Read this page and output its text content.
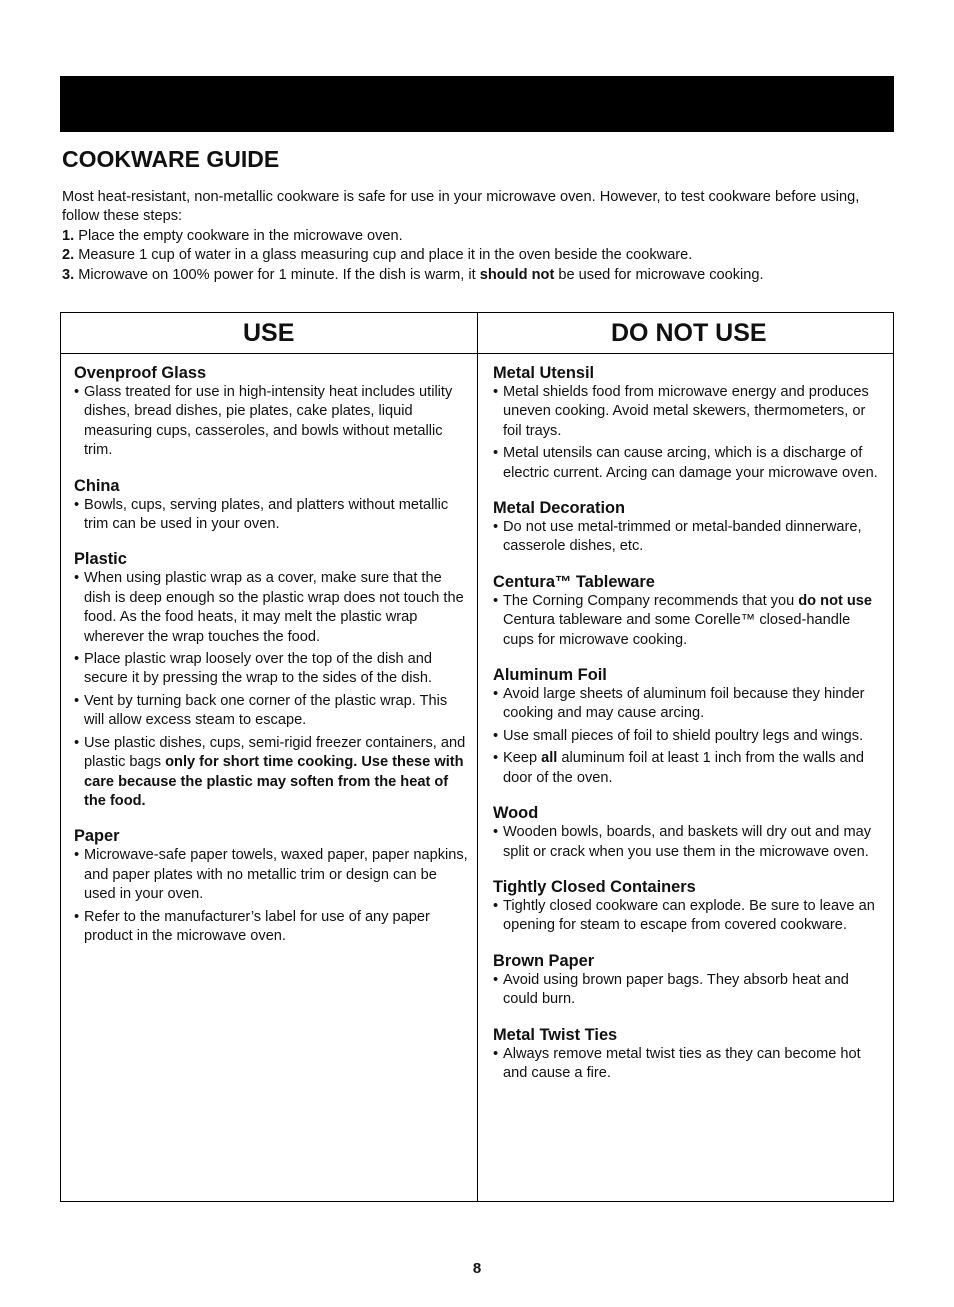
COOKWARE GUIDE

Most heat-resistant, non-metallic cookware is safe for use in your microwave oven. However, to test cookware before using, follow these steps:

1. Place the empty cookware in the microwave oven.

2. Measure 1 cup of water in a glass measuring cup and place it in the oven beside the cookware.

3. Microwave on 100% power for 1 minute. If the dish is warm, it should not be used for microwave cooking.

USE	DO NOT USE
Ovenproof Glass
• Glass treated for use in high-intensity heat includes utility dishes, bread dishes, pie plates, cake plates, liquid measuring cups, casseroles, and bowls without metallic trim.
China
• Bowls, cups, serving plates, and platters without metallic trim can be used in your oven.
Plastic
• When using plastic wrap as a cover, make sure that the dish is deep enough so the plastic wrap does not touch the food. As the food heats, it may melt the plastic wrap wherever the wrap touches the food.
• Place plastic wrap loosely over the top of the dish and secure it by pressing the wrap to the sides of the dish.
• Vent by turning back one corner of the plastic wrap. This will allow excess steam to escape.
• Use plastic dishes, cups, semi-rigid freezer containers, and plastic bags only for short time cooking. Use these with care because the plastic may soften from the heat of the food.
Paper
• Microwave-safe paper towels, waxed paper, paper napkins, and paper plates with no metallic trim or design can be used in your oven.
• Refer to the manufacturer’s label for use of any paper product in the microwave oven.
Metal Utensil
• Metal shields food from microwave energy and produces uneven cooking. Avoid metal skewers, thermometers, or foil trays.
• Metal utensils can cause arcing, which is a discharge of electric current. Arcing can damage your microwave oven.
Metal Decoration
• Do not use metal-trimmed or metal-banded dinnerware, casserole dishes, etc.
Centura™ Tableware
• The Corning Company recommends that you do not use Centura tableware and some Corelle™ closed-handle cups for microwave cooking.
Aluminum Foil
• Avoid large sheets of aluminum foil because they hinder cooking and may cause arcing.
• Use small pieces of foil to shield poultry legs and wings.
• Keep all aluminum foil at least 1 inch from the walls and door of the oven.
Wood
• Wooden bowls, boards, and baskets will dry out and may split or crack when you use them in the microwave oven.
Tightly Closed Containers
• Tightly closed cookware can explode. Be sure to leave an opening for steam to escape from covered cookware.
Brown Paper
• Avoid using brown paper bags. They absorb heat and could burn.
Metal Twist Ties
• Always remove metal twist ties as they can become hot and cause a fire.
8
